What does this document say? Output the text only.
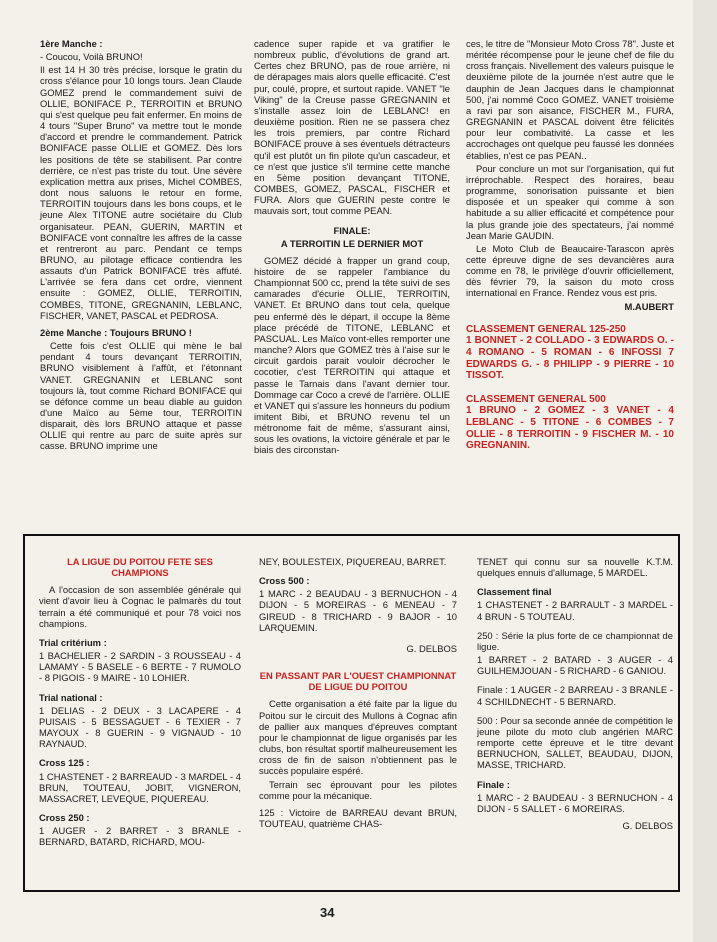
1ère Manche :

- Coucou, Voilà BRUNO!

Il est 14 H 30 très précise, lorsque le gratin du cross s'élance pour 10 longs tours. Jean Claude GOMEZ prend le commandement suivi de OLLIE, BONIFACE P., TERROITIN et BRUNO qui s'est quelque peu fait enfermer. En moins de 4 tours "Super Bruno" va mettre tout le monde d'accord et prendre le commandement. Patrick BONIFACE passe OLLIE et GOMEZ. Dès lors les positions de tête se stabilisent. Par contre derrière, ce n'est pas triste du tout. Une sévère explication mettra aux prises, Michel COMBES, dont nous saluons le retour en forme, TERROITIN toujours dans les bons coups, et le jeune Alex TITONE autre sociétaire du Club organisateur. PEAN, GUERIN, MARTIN et BONIFACE vont connaître les affres de la casse et rentreront au parc. Pendant ce temps BRUNO, au pilotage efficace contiendra les assauts d'un Patrick BONIFACE très affuté. L'arrivée se fera dans cet ordre, viennent ensuite : GOMEZ, OLLIE, TERROITIN, COMBES, TITONE, GREGNANIN, LEBLANC, FISCHER, VANET, PASCAL et PEDROSA.

2ème Manche : Toujours BRUNO !

Cette fois c'est OLLIE qui mène le bal pendant 4 tours devançant TERROITIN, BRUNO visiblement à l'affût, et l'étonnant VANET. GREGNANIN et LEBLANC sont toujours là, tout comme Richard BONIFACE qui se défonce comme un beau diable au guidon d'une Maïco au 5ème tour, TERROITIN disparait, dès lors BRUNO attaque et passe OLLIE qui rentre au parc de suite après sur casse. BRUNO imprime une

cadence super rapide et va gratifier le nombreux public, d'évolutions de grand art. Certes chez BRUNO, pas de roue arrière, ni de dérapages mais alors quelle efficacité. C'est pur, coulé, propre, et surtout rapide. VANET "le Viking" de la Creuse passe GREGNANIN et s'installe assez loin de LEBLANC! en deuxième position. Rien ne se passera chez les trois premiers, par contre Richard BONIFACE prouve à ses éventuels détracteurs qu'il est plutôt un fin pilote qu'un cascadeur, et ce n'est que justice s'il termine cette manche en 5ème position devançant TITONE, COMBES, GOMEZ, PASCAL, FISCHER et FURA. Alors que GUERIN peste contre le mauvais sort, tout comme PEAN.

FINALE:

A TERROITIN LE DERNIER MOT

GOMEZ décidé à frapper un grand coup, histoire de se rappeler l'ambiance du Championnat 500 cc, prend la tête suivi de ses camarades d'écurie OLLIE, TERROITIN, VANET. Et BRUNO dans tout cela, quelque peu enfermé dès le départ, il occupe la 8ème place précédé de TITONE, LEBLANC et PASCUAL. Les Maïco vont-elles remporter une manche? Alors que GOMEZ très à l'aise sur le circuit gardois parait vouloir décrocher le cocotier, c'est TERROITIN qui attaque et passe le Tarnais dans l'avant dernier tour. Dommage car Coco a crevé de l'arrière. OLLIE et VANET qui s'assure les honneurs du podium imitent Bibi, et BRUNO revenu tel un métronome fait de même, s'assurant ainsi, sous les ovations, la victoire générale et par le biais des circonstan-

ces, le titre de "Monsieur Moto Cross 78". Juste et méritée récompense pour le jeune chef de file du cross français. Nivellement des valeurs puisque le deuxième pilote de la journée n'est autre que le dauphin de Jean Jacques dans le championnat 500, j'ai nommé Coco GOMEZ. VANET troisième a ravi par son aisance, FISCHER M., FURA, GREGNANIN et PASCAL doivent être félicités pour leur combativité. La casse et les accrochages ont quelque peu faussé les données établies, n'est ce pas PEAN..

Pour conclure un mot sur l'organisation, qui fut irréprochable. Respect des horaires, beau programme, sonorisation puissante et bien disposée et un speaker qui comme à son habitude a su allier efficacité et compétence pour la plus grande joie des spectateurs, j'ai nommé Jean Marie GAUDIN.

Le Moto Club de Beaucaire-Tarascon après cette épreuve digne de ses devancières aura comme en 78, le privilège d'ouvrir officiellement, dès février 79, la saison du moto cross international en France. Rendez vous est pris.

M.AUBERT

CLASSEMENT GENERAL 125-250
1 BONNET - 2 COLLADO - 3 EDWARDS O. - 4 ROMANO - 5 ROMAN - 6 INFOSSI 7 EDWARDS G. - 8 PHILIPP - 9 PIERRE - 10 TISSOT.
CLASSEMENT GENERAL 500
1 BRUNO - 2 GOMEZ - 3 VANET - 4 LEBLANC - 5 TITONE - 6 COMBES - 7 OLLIE - 8 TERROITIN - 9 FISCHER M. - 10 GREGNANIN.

LA LIGUE DU POITOU FETE SES CHAMPIONS

A l'occasion de son assemblée générale qui vient d'avoir lieu à Cognac le palmarès du tout terrain a été communiqué et pour 78 voici nos champions.

Trial critérium :

1 BACHELIER - 2 SARDIN - 3 ROUSSEAU - 4 LAMAMY - 5 BASELE - 6 BERTE - 7 RUMOLO - 8 PIGOIS - 9 MAIRE - 10 LOHIER.

Trial national :

1 DELIAS - 2 DEUX - 3 LACAPERE - 4 PUISAIS - 5 BESSAGUET - 6 TEXIER - 7 MAYOUX - 8 GUERIN - 9 VIGNAUD - 10 RAYNAUD.

Cross 125 :

1 CHASTENET - 2 BARREAUD - 3 MARDEL - 4 BRUN, TOUTEAU, JOBIT, VIGNERON, MASSACRET, LEVEQUE, PIQUEREAU.

Cross 250 :

1 AUGER - 2 BARRET - 3 BRANLE - BERNARD, BATARD, RICHARD, MOU-

NEY, BOULESTEIX, PIQUEREAU, BARRET.

Cross 500 :

1 MARC - 2 BEAUDAU - 3 BERNUCHON - 4 DIJON - 5 MOREIRAS - 6 MENEAU - 7 GIREUD - 8 TRICHARD - 9 BAJOR - 10 LARQUEMIN.

G. DELBOS

EN PASSANT PAR L'OUEST CHAMPIONNAT DE LIGUE DU POITOU

Cette organisation a été faite par la ligue du Poitou sur le circuit des Mullons à Cognac afin de pallier aux manques d'épreuves comptant pour le championnat de ligue organisés par les clubs, bon résultat sportif malheureusement les cross de fin de saison n'obtiennent pas le succès populaire espéré.

Terrain sec éprouvant pour les pilotes comme pour la mécanique.

125 : Victoire de BARREAU devant BRUN, TOUTEAU, quatrième CHAS-

TENET qui connu sur sa nouvelle K.T.M. quelques ennuis d'allumage, 5 MARDEL.

Classement final

1 CHASTENET - 2 BARRAULT - 3 MARDEL - 4 BRUN - 5 TOUTEAU.

250 : Série la plus forte de ce championnat de ligue.

1 BARRET - 2 BATARD - 3 AUGER - 4 GUILHEMJOUAN - 5 RICHARD - 6 GANIOU.

Finale : 1 AUGER - 2 BARREAU - 3 BRANLE - 4 SCHILDNECHT - 5 BERNARD.

500 : Pour sa seconde année de compétition le jeune pilote du moto club angérien MARC remporte cette épreuve et le titre devant BERNUCHON, SALLET, BEAUDAU, DIJON, MASSE, TRICHARD.

Finale :

1 MARC - 2 BAUDEAU - 3 BERNUCHON - 4 DIJON - 5 SALLET - 6 MOREIRAS.

G. DELBOS

34
